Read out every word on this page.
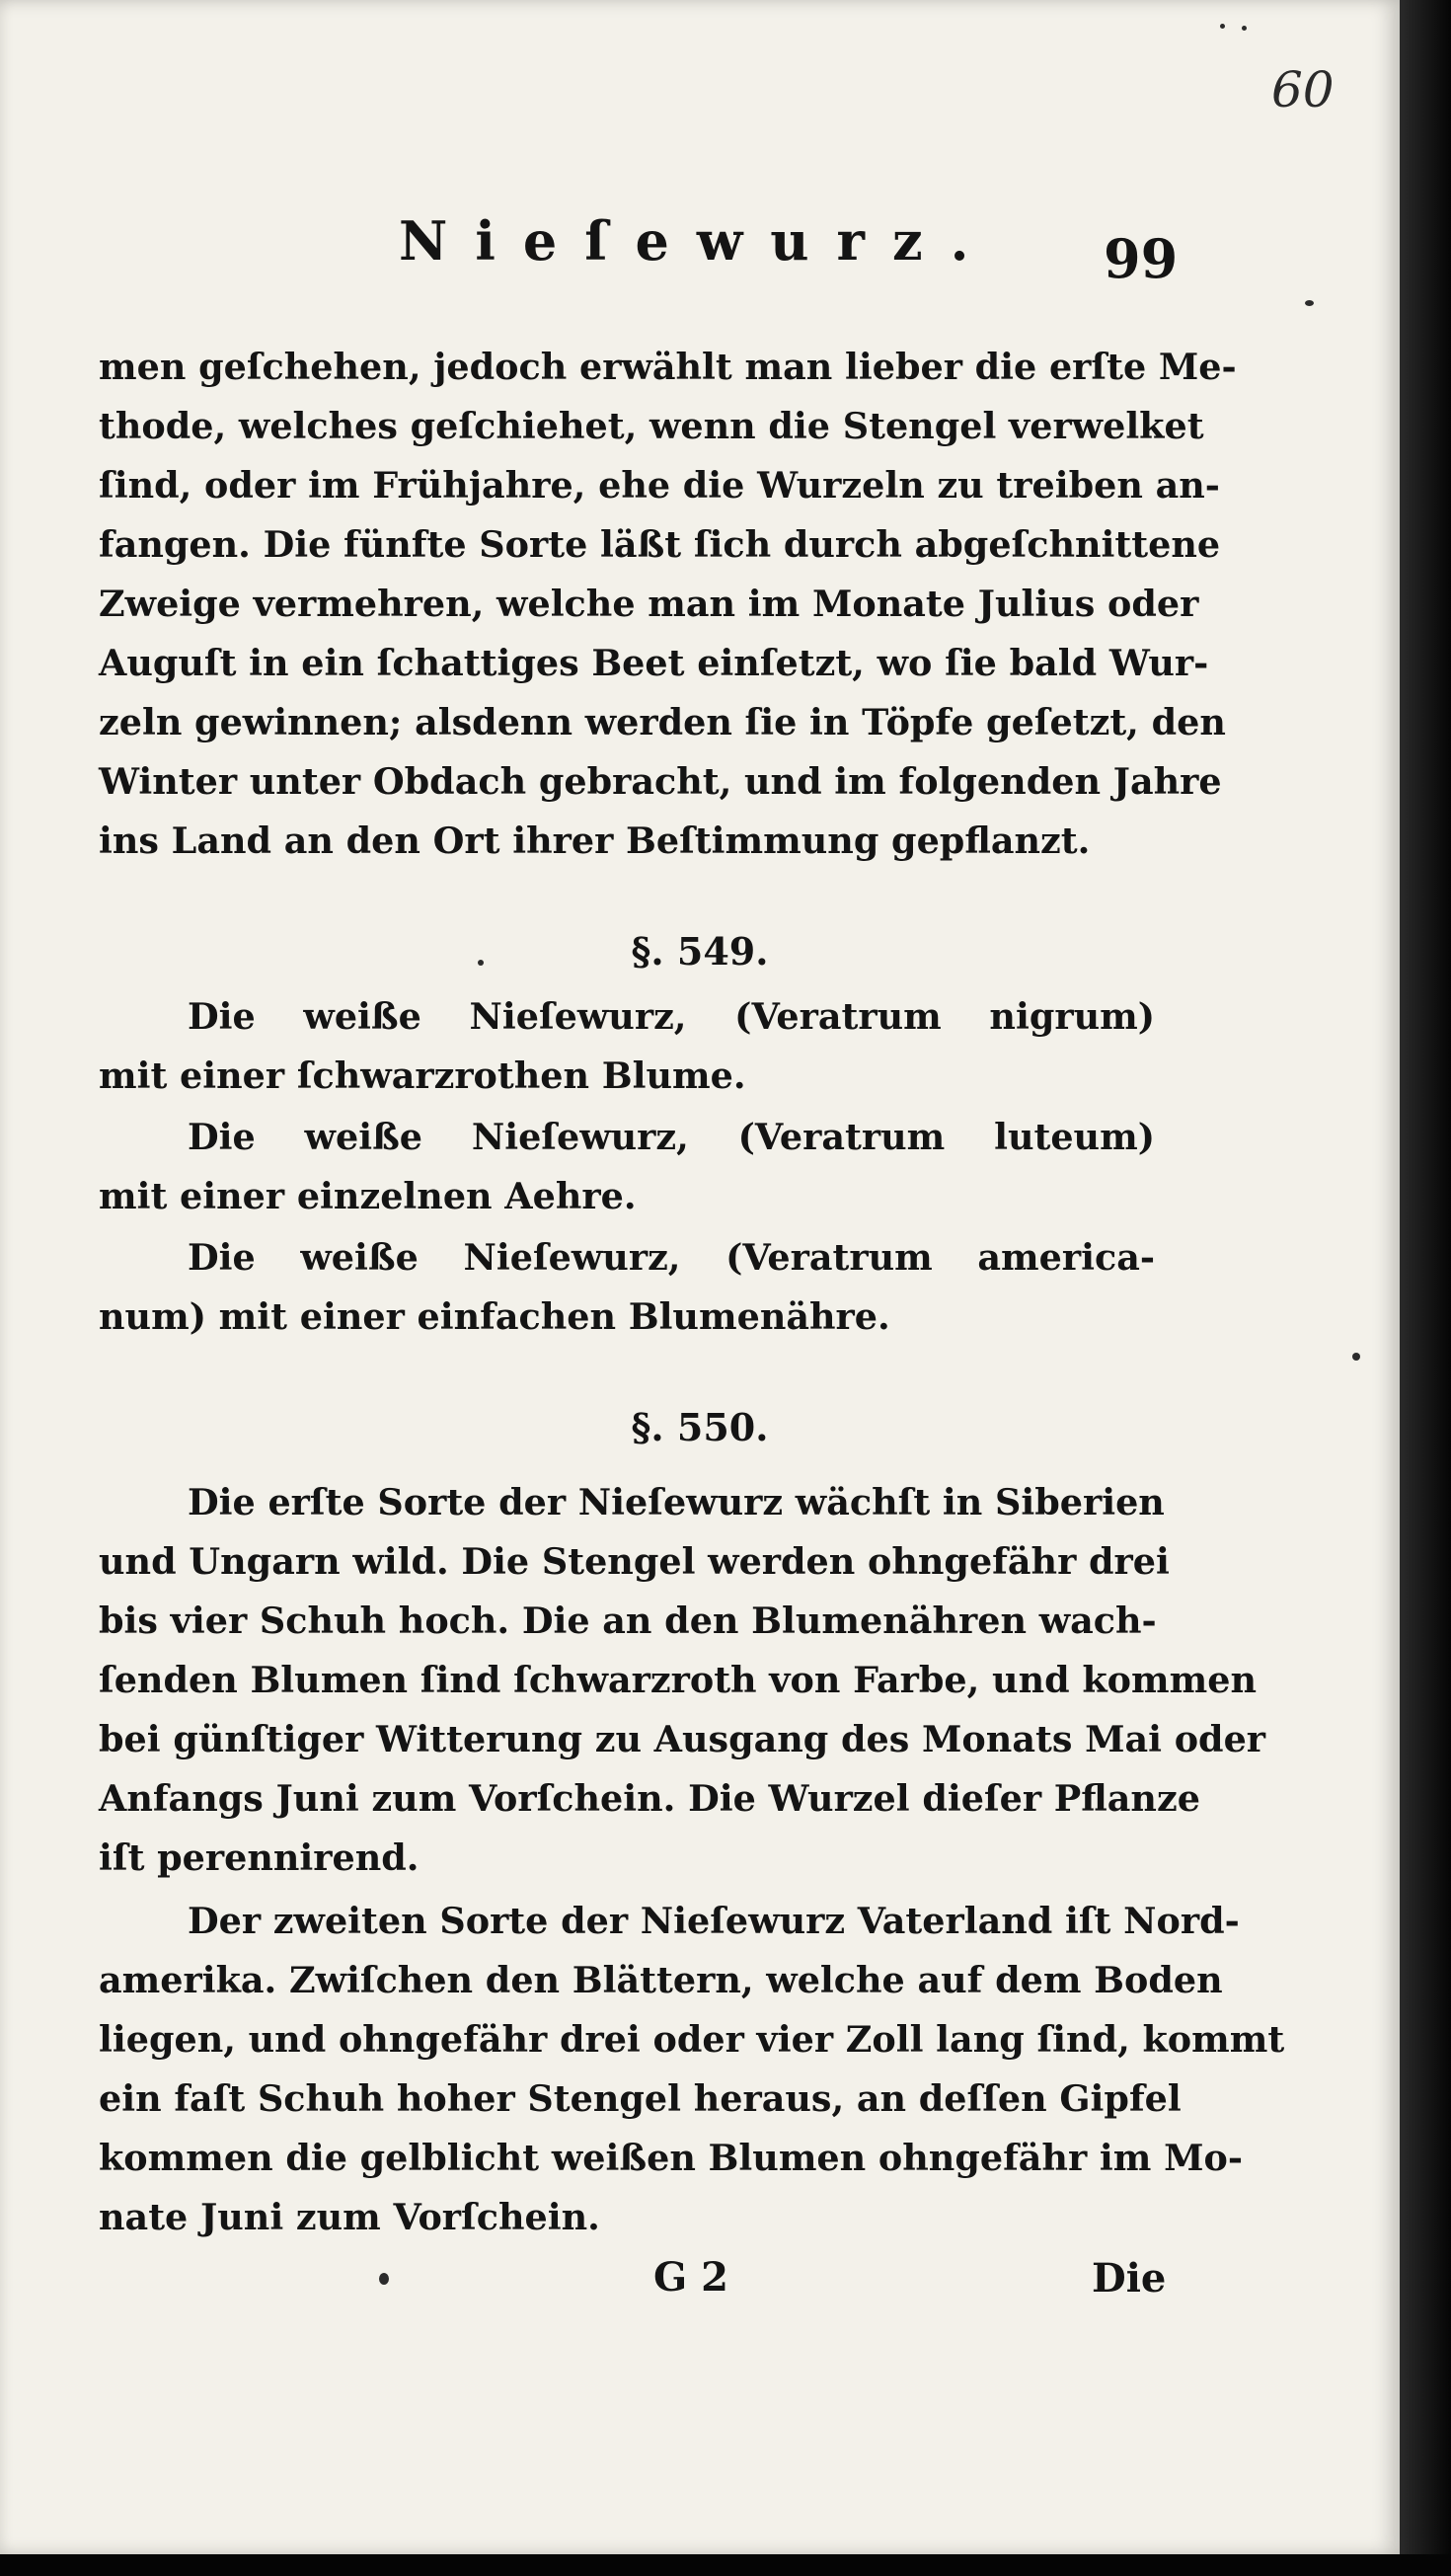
60
Nieſewurz. 99
men geſchehen, jedoch erwählt man lieber die erſte Me-
thode, welches geſchiehet, wenn die Stengel verwelket
ſind, oder im Frühjahre, ehe die Wurzeln zu treiben an-
fangen. Die fünfte Sorte läßt ſich durch abgeſchnittene
Zweige vermehren, welche man im Monate Julius oder
Auguſt in ein ſchattiges Beet einſetzt, wo ſie bald Wur-
zeln gewinnen; alsdenn werden ſie in Töpfe geſetzt, den
Winter unter Obdach gebracht, und im folgenden Jahre
ins Land an den Ort ihrer Beſtimmung gepflanzt.
§. 549.
Die weiße Nieſewurz, (Veratrum nigrum)
mit einer ſchwarzrothen Blume.
Die weiße Nieſewurz, (Veratrum luteum)
mit einer einzelnen Aehre.
Die weiße Nieſewurz, (Veratrum america-
num) mit einer einfachen Blumenähre.
§. 550.
Die erſte Sorte der Nieſewurz wächſt in Siberien
und Ungarn wild. Die Stengel werden ohngefähr drei
bis vier Schuh hoch. Die an den Blumenähren wach-
ſenden Blumen ſind ſchwarzroth von Farbe, und kommen
bei günſtiger Witterung zu Ausgang des Monats Mai oder
Anfangs Juni zum Vorſchein. Die Wurzel dieſer Pflanze
iſt perennirend.
Der zweiten Sorte der Nieſewurz Vaterland iſt Nord-
amerika. Zwiſchen den Blättern, welche auf dem Boden
liegen, und ohngefähr drei oder vier Zoll lang ſind, kommt
ein faſt Schuh hoher Stengel heraus, an deſſen Gipfel
kommen die gelblicht weißen Blumen ohngefähr im Mo-
nate Juni zum Vorſchein.
G 2	Die
